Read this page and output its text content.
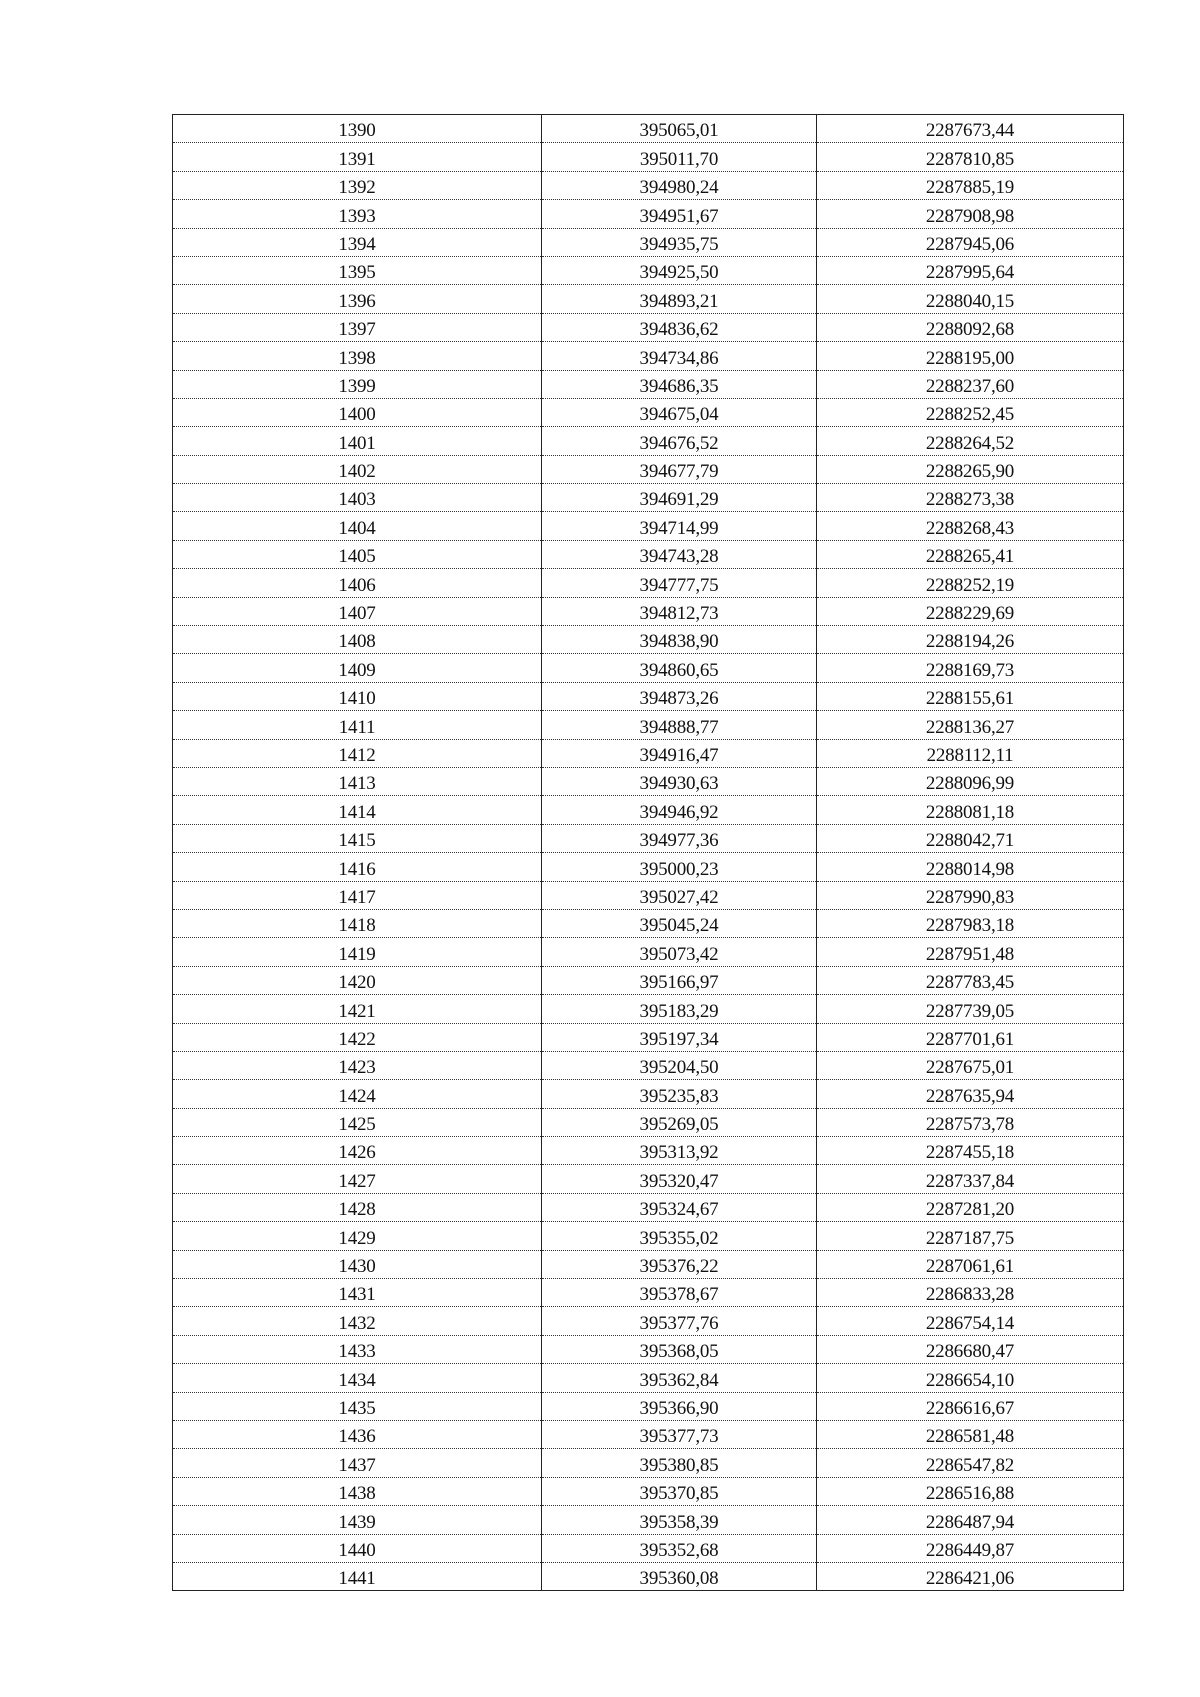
1390	395065,01	2287673,44
1391	395011,70	2287810,85
1392	394980,24	2287885,19
1393	394951,67	2287908,98
1394	394935,75	2287945,06
1395	394925,50	2287995,64
1396	394893,21	2288040,15
1397	394836,62	2288092,68
1398	394734,86	2288195,00
1399	394686,35	2288237,60
1400	394675,04	2288252,45
1401	394676,52	2288264,52
1402	394677,79	2288265,90
1403	394691,29	2288273,38
1404	394714,99	2288268,43
1405	394743,28	2288265,41
1406	394777,75	2288252,19
1407	394812,73	2288229,69
1408	394838,90	2288194,26
1409	394860,65	2288169,73
1410	394873,26	2288155,61
1411	394888,77	2288136,27
1412	394916,47	2288112,11
1413	394930,63	2288096,99
1414	394946,92	2288081,18
1415	394977,36	2288042,71
1416	395000,23	2288014,98
1417	395027,42	2287990,83
1418	395045,24	2287983,18
1419	395073,42	2287951,48
1420	395166,97	2287783,45
1421	395183,29	2287739,05
1422	395197,34	2287701,61
1423	395204,50	2287675,01
1424	395235,83	2287635,94
1425	395269,05	2287573,78
1426	395313,92	2287455,18
1427	395320,47	2287337,84
1428	395324,67	2287281,20
1429	395355,02	2287187,75
1430	395376,22	2287061,61
1431	395378,67	2286833,28
1432	395377,76	2286754,14
1433	395368,05	2286680,47
1434	395362,84	2286654,10
1435	395366,90	2286616,67
1436	395377,73	2286581,48
1437	395380,85	2286547,82
1438	395370,85	2286516,88
1439	395358,39	2286487,94
1440	395352,68	2286449,87
1441	395360,08	2286421,06
